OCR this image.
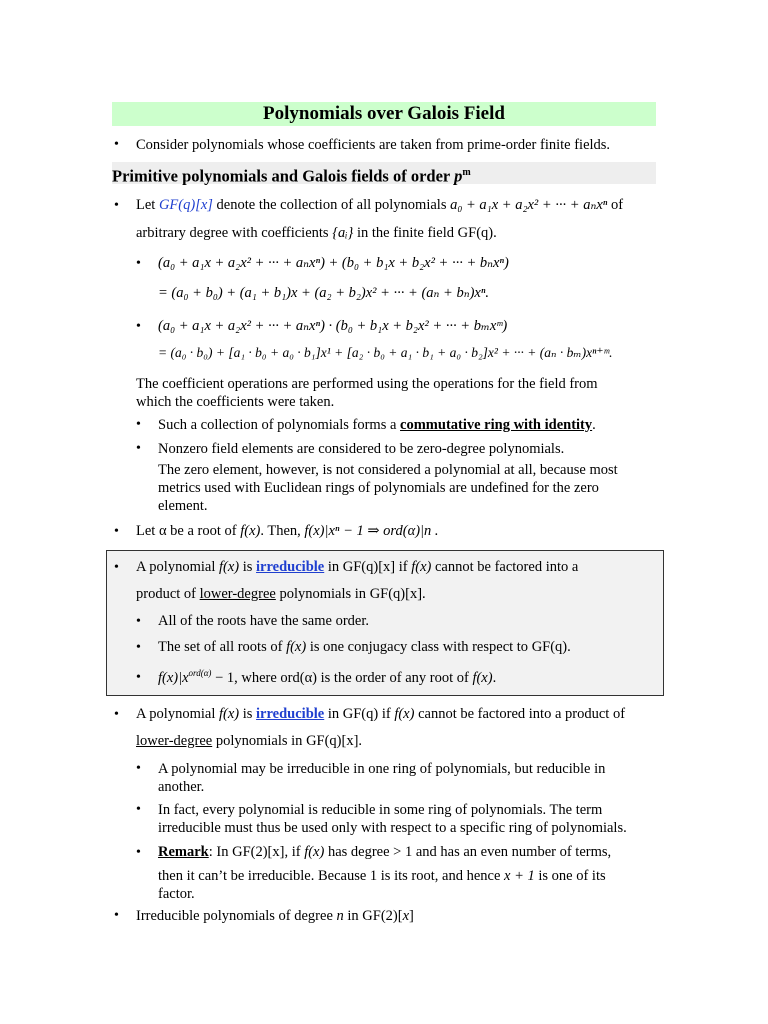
Polynomials over Galois Field
• Consider polynomials whose coefficients are taken from prime-order finite fields.
Primitive polynomials and Galois fields of order $p^m$
• Let GF(q)[x] denote the collection of all polynomials a₀ + a₁x + a₂x² + ··· + aₙxⁿ of
arbitrary degree with coefficients {aᵢ} in the finite field GF(q).
• (a₀ + a₁x + a₂x² + ··· + aₙxⁿ) + (b₀ + b₁x + b₂x² + ··· + bₙxⁿ)
= (a₀ + b₀) + (a₁ + b₁)x + (a₂ + b₂)x² + ··· + (aₙ + bₙ)xⁿ.
• (a₀ + a₁x + a₂x² + ··· + aₙxⁿ) · (b₀ + b₁x + b₂x² + ··· + bₘxᵐ)
= (a₀ · b₀) + [a₁ · b₀ + a₀ · b₁]x¹ + [a₂ · b₀ + a₁ · b₁ + a₀ · b₂]x² + ··· + (aₙ · bₘ)xⁿ⁺ᵐ.
The coefficient operations are performed using the operations for the field from
which the coefficients were taken.
• Such a collection of polynomials forms a commutative ring with identity.
• Nonzero field elements are considered to be zero-degree polynomials.
The zero element, however, is not considered a polynomial at all, because most
metrics used with Euclidean rings of polynomials are undefined for the zero
element.
• Let α be a root of f(x). Then, f(x)|xⁿ − 1 ⇒ ord(α)|n .
• A polynomial f(x) is irreducible in GF(q)[x] if f(x) cannot be factored into a
product of lower-degree polynomials in GF(q)[x].
• All of the roots have the same order.
• The set of all roots of f(x) is one conjugacy class with respect to GF(q).
• $f(x)|x^{ord(\alpha)} - 1$, where ord(α) is the order of any root of f(x).
• A polynomial f(x) is irreducible in GF(q) if f(x) cannot be factored into a product of
lower-degree polynomials in GF(q)[x].
• A polynomial may be irreducible in one ring of polynomials, but reducible in
another.
• In fact, every polynomial is reducible in some ring of polynomials. The term
irreducible must thus be used only with respect to a specific ring of polynomials.
• Remark: In GF(2)[x], if f(x) has degree > 1 and has an even number of terms,
then it can’t be irreducible. Because 1 is its root, and hence x + 1 is one of its
factor.
• Irreducible polynomials of degree n in GF(2)[x]
